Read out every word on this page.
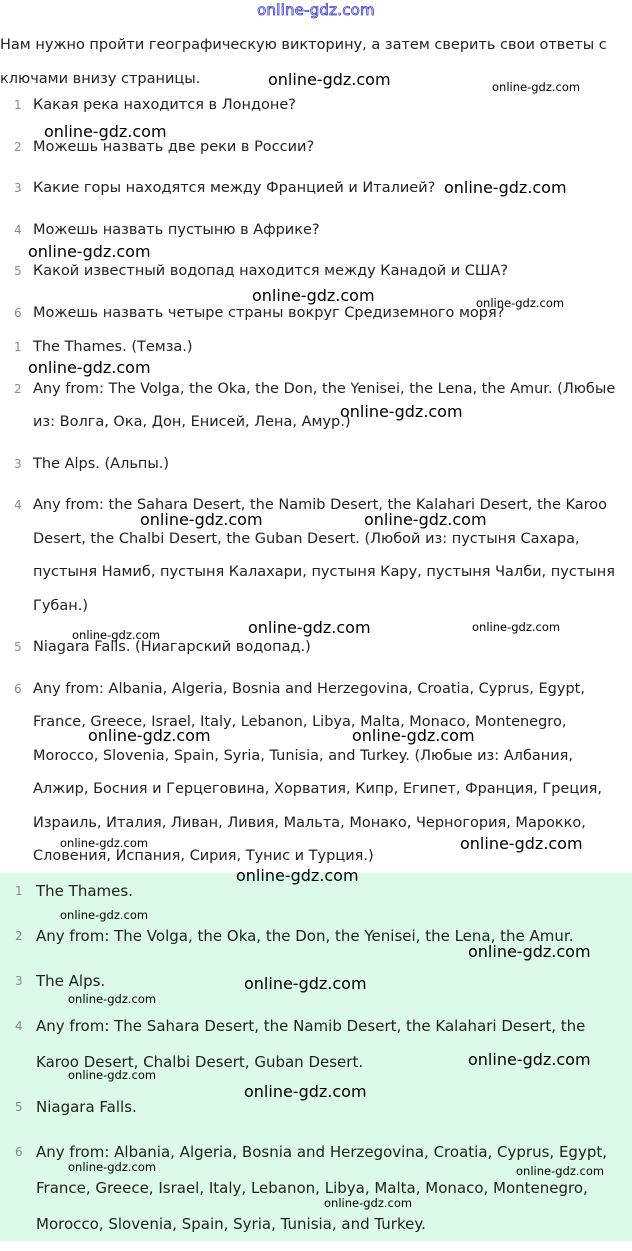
online-gdz.com
Нам нужно пройти географическую викторину, а затем сверить свои ответы с ключами внизу страницы.
1 Какая река находится в Лондоне?
2 Можешь назвать две реки в России?
3 Какие горы находятся между Францией и Италией?
4 Можешь назвать пустыню в Африке?
5 Какой известный водопад находится между Канадой и США?
6 Можешь назвать четыре страны вокруг Средиземного моря?
1 The Thames. (Темза.)
2 Any from: The Volga, the Oka, the Don, the Yenisei, the Lena, the Amur. (Любые из: Волга, Ока, Дон, Енисей, Лена, Амур.)
3 The Alps. (Альпы.)
4 Any from: the Sahara Desert, the Namib Desert, the Kalahari Desert, the Karoo Desert, the Chalbi Desert, the Guban Desert. (Любой из: пустыня Сахара, пустыня Намиб, пустыня Калахари, пустыня Кару, пустыня Чалби, пустыня Губан.)
5 Niagara Falls. (Ниагарский водопад.)
6 Any from: Albania, Algeria, Bosnia and Herzegovina, Croatia, Cyprus, Egypt, France, Greece, Israel, Italy, Lebanon, Libya, Malta, Monaco, Montenegro, Morocco, Slovenia, Spain, Syria, Tunisia, and Turkey. (Любые из: Албания, Алжир, Босния и Герцеговина, Хорватия, Кипр, Египет, Франция, Греция, Израиль, Италия, Ливан, Ливия, Мальта, Монако, Черногория, Марокко, Словения, Испания, Сирия, Тунис и Турция.)
1 The Thames.
2 Any from: The Volga, the Oka, the Don, the Yenisei, the Lena, the Amur.
3 The Alps.
4 Any from: The Sahara Desert, the Namib Desert, the Kalahari Desert, the Karoo Desert, Chalbi Desert, Guban Desert.
5 Niagara Falls.
6 Any from: Albania, Algeria, Bosnia and Herzegovina, Croatia, Cyprus, Egypt, France, Greece, Israel, Italy, Lebanon, Libya, Malta, Monaco, Montenegro, Morocco, Slovenia, Spain, Syria, Tunisia, and Turkey.
online-gdz.com	online-gdz.com
online-gdz.com
online-gdz.com
online-gdz.com
online-gdz.com	online-gdz.com
online-gdz.com
online-gdz.com
online-gdz.com	online-gdz.com
online-gdz.com	online-gdz.com	online-gdz.com
online-gdz.com	online-gdz.com
online-gdz.com	online-gdz.com
online-gdz.com
online-gdz.com
online-gdz.com
online-gdz.com
online-gdz.com
online-gdz.com
online-gdz.com
online-gdz.com
online-gdz.com	online-gdz.com
online-gdz.com
